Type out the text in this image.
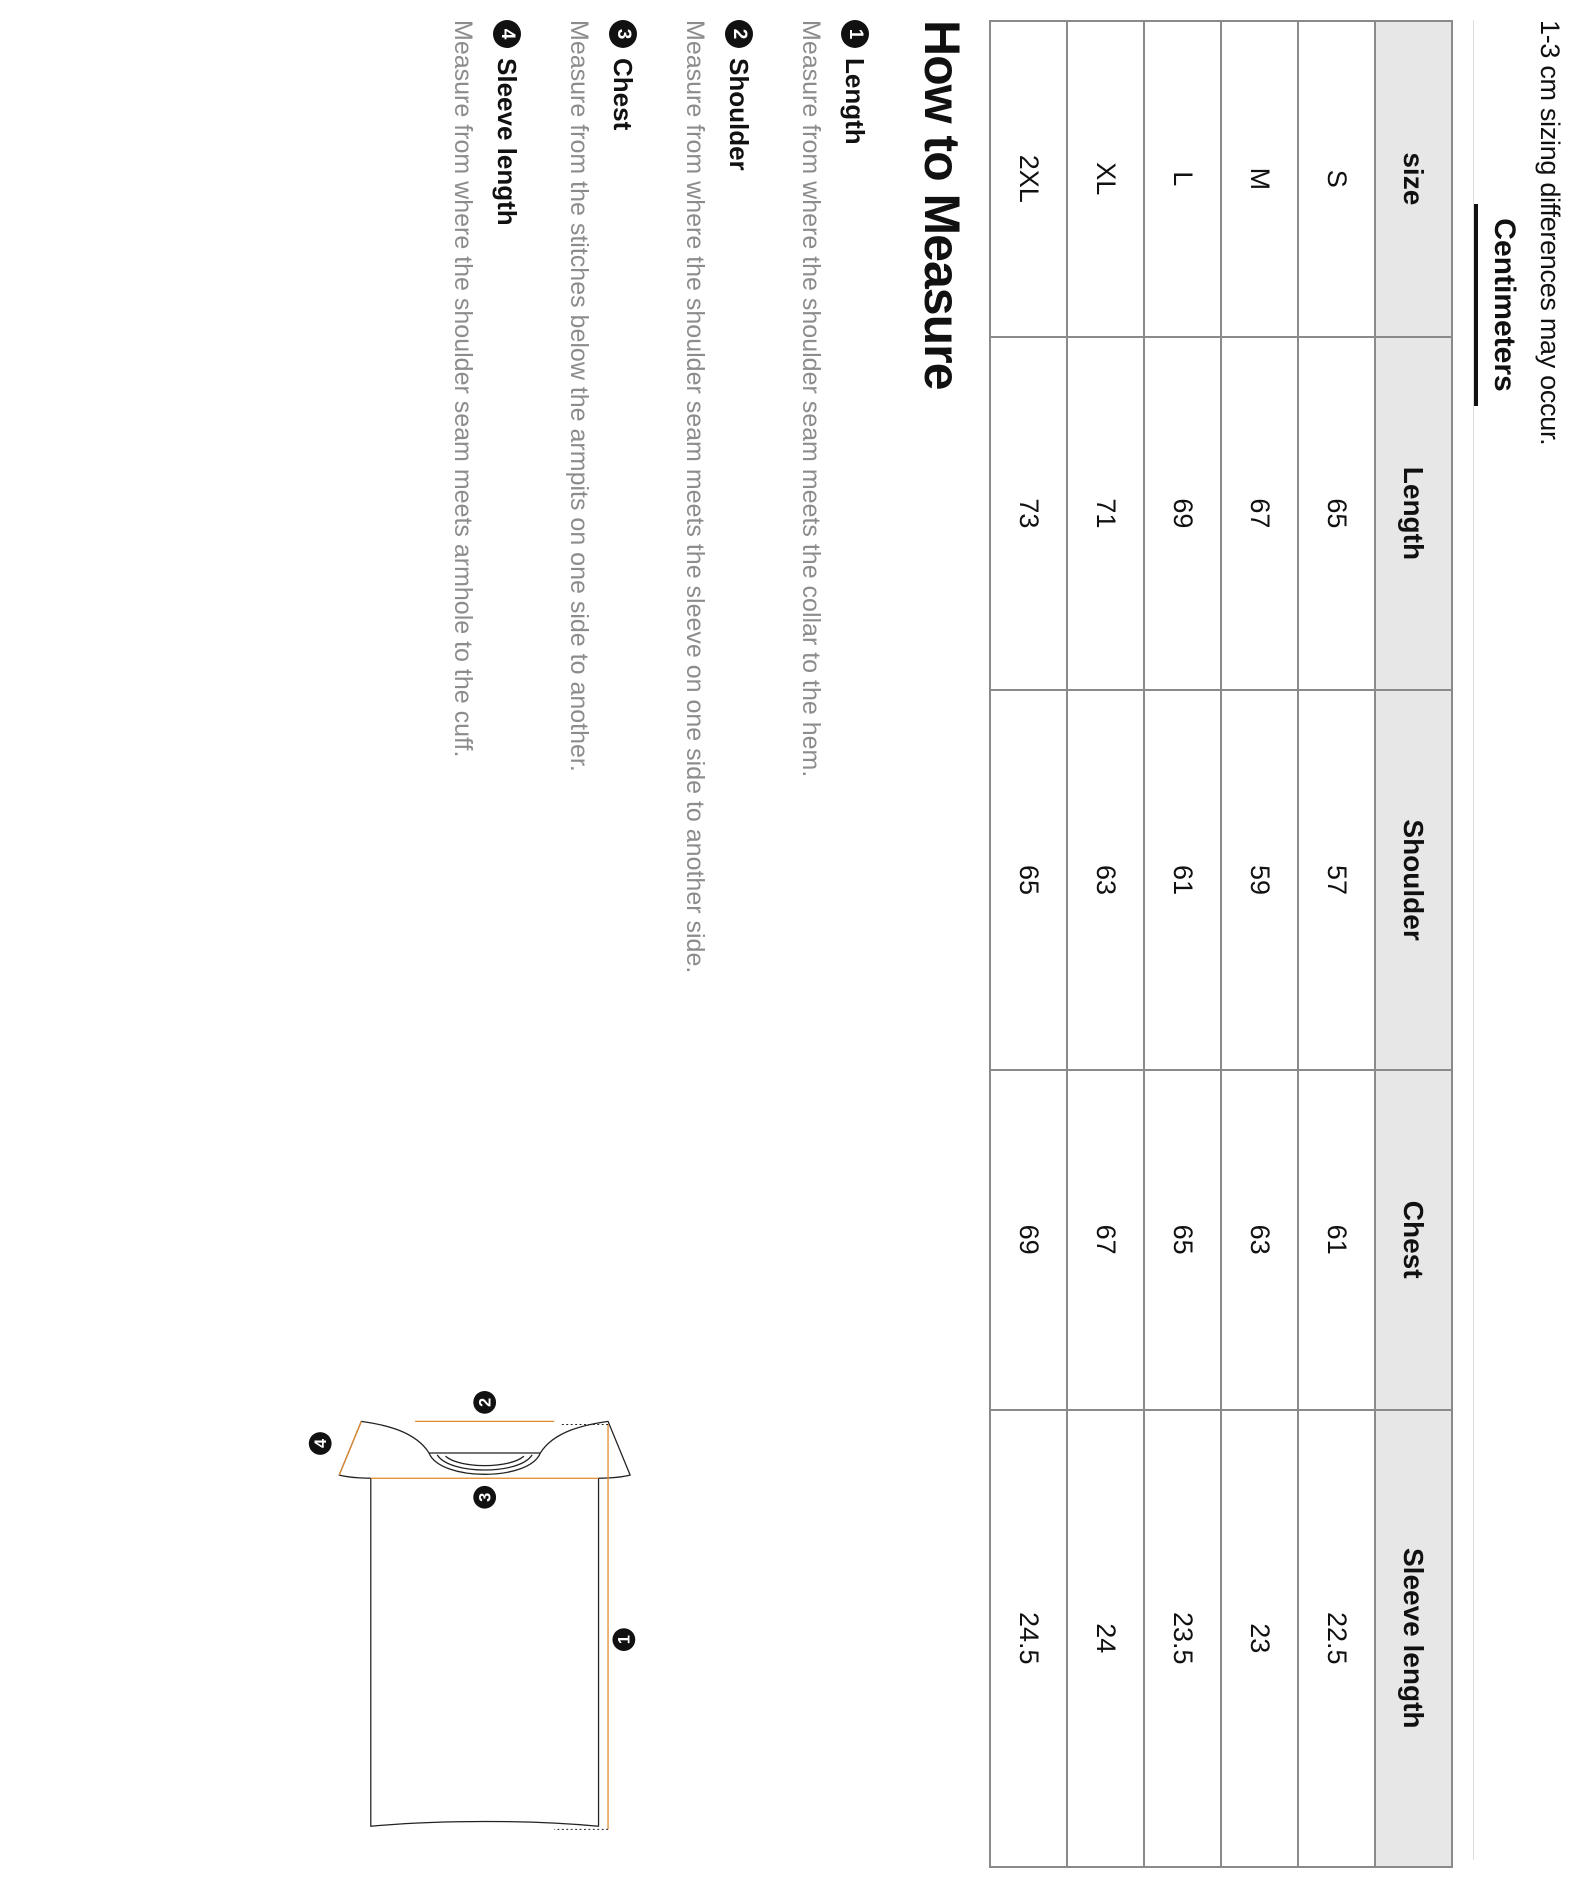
1-3 cm sizing differences may occur.
Centimeters
size	Length	Shoulder	Chest	Sleeve length
S	65	57	61	22.5
M	67	59	63	23
L	69	61	65	23.5
XL	71	63	67	24
2XL	73	65	69	24.5
How to Measure
1
Length
Measure from where the shoulder seam meets the collar to the hem.
2
Shoulder
Measure from where the shoulder seam meets the sleeve on one side to another side.
3
Chest
Measure from the stitches below the armpits on one side to another.
4
Sleeve length
Measure from where the shoulder seam meets armhole to the cuff.
1
2
3
4
